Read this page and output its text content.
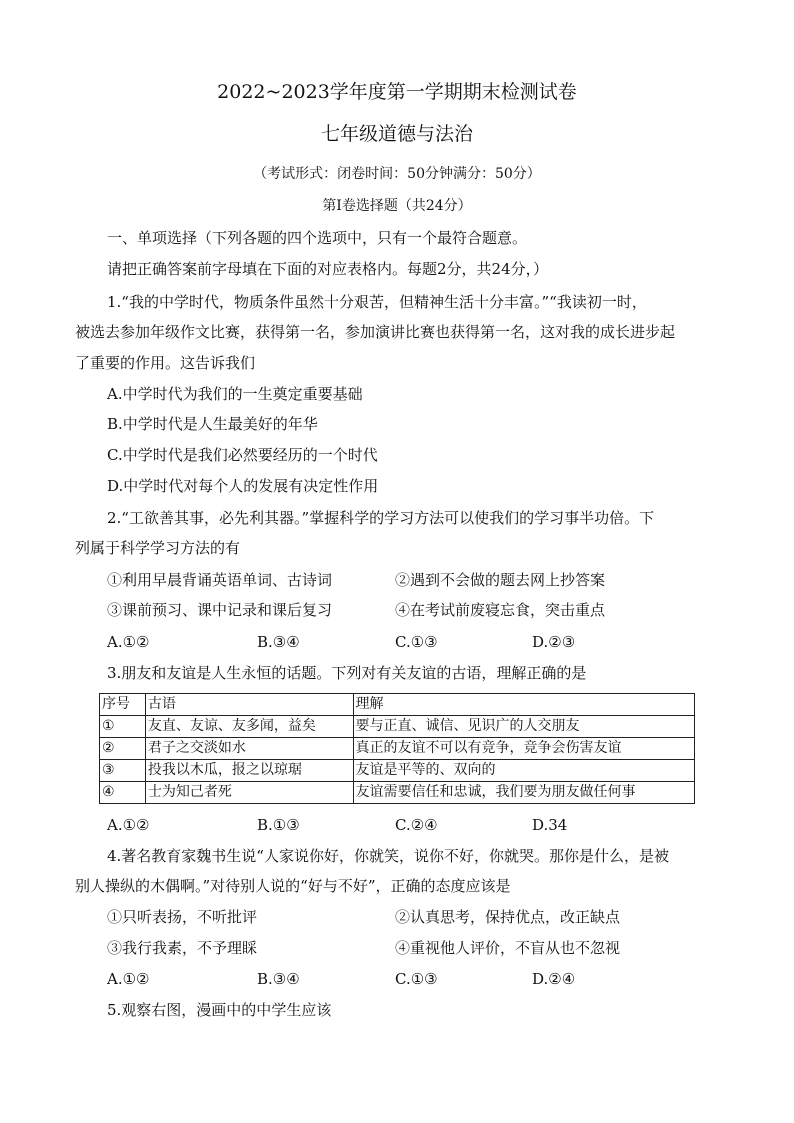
2022~2023学年度第一学期期末检测试卷
七年级道德与法治
（考试形式：闭卷时间：50分钟满分：50分）
第Ⅰ卷选择题（共24分）
一、单项选择（下列各题的四个选项中，只有一个最符合题意。
请把正确答案前字母填在下面的对应表格内。每题2分，共24分，）
1.“我的中学时代，物质条件虽然十分艰苦，但精神生活十分丰富。”“我读初一时，
被选去参加年级作文比赛，获得第一名，参加演讲比赛也获得第一名，这对我的成长进步起
了重要的作用。这告诉我们
A.中学时代为我们的一生奠定重要基础
B.中学时代是人生最美好的年华
C.中学时代是我们必然要经历的一个时代
D.中学时代对每个人的发展有决定性作用
2.“工欲善其事，必先利其器。”掌握科学的学习方法可以使我们的学习事半功倍。下
列属于科学学习方法的有
①利用早晨背诵英语单词、古诗词	②遇到不会做的题去网上抄答案
③课前预习、课中记录和课后复习	④在考试前废寝忘食，突击重点
A.①②	B.③④	C.①③	D.②③
3.朋友和友谊是人生永恒的话题。下列对有关友谊的古语，理解正确的是
序号	古语	理解
①	友直、友谅、友多闻，益矣	要与正直、诚信、见识广的人交朋友
②	君子之交淡如水	真正的友谊不可以有竞争，竞争会伤害友谊
③	投我以木瓜，报之以琼琚	友谊是平等的、双向的
④	士为知己者死	友谊需要信任和忠诚，我们要为朋友做任何事
A.①②	B.①③	C.②④	D.34
4.著名教育家魏书生说“人家说你好，你就笑，说你不好，你就哭。那你是什么，是被
别人操纵的木偶啊。”对待别人说的“好与不好”，正确的态度应该是
①只听表扬，不听批评	②认真思考，保持优点，改正缺点
③我行我素，不予理睬	④重视他人评价，不盲从也不忽视
A.①②	B.③④	C.①③	D.②④
5.观察右图，漫画中的中学生应该
